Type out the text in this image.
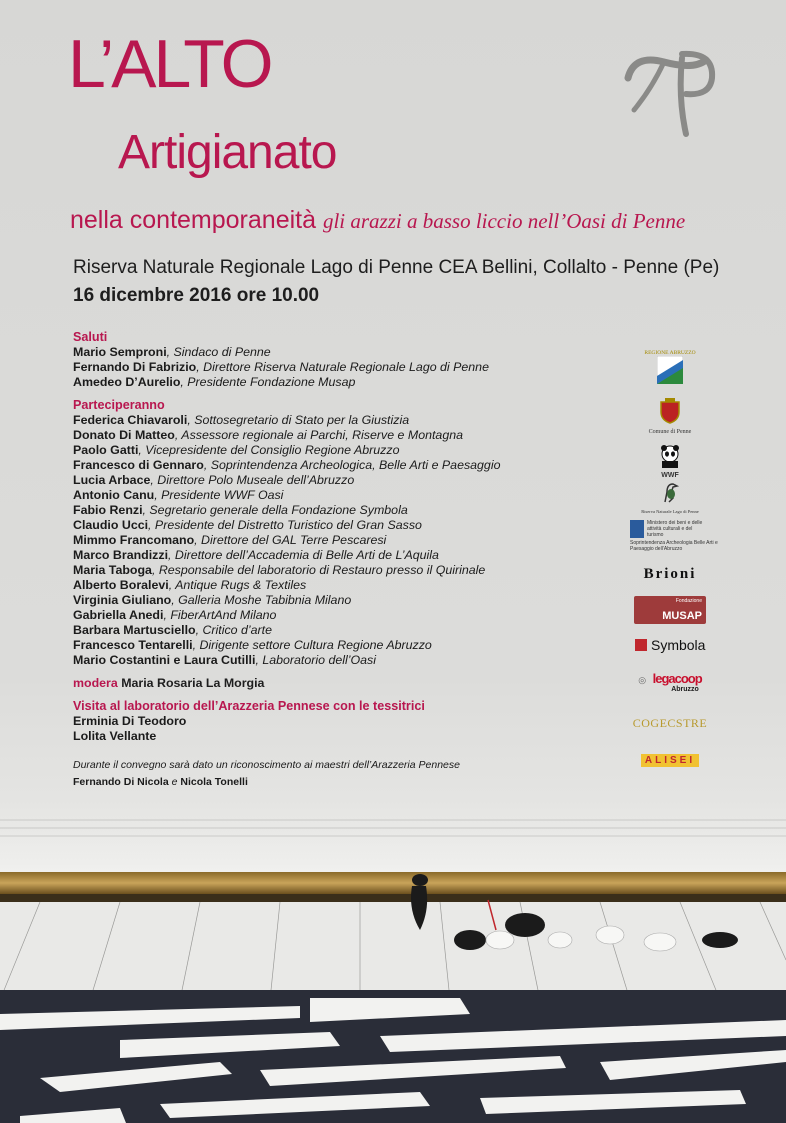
L’ALTO
Artigianato
nella contemporaneità gli arazzi a basso liccio nell’Oasi di Penne
Riserva Naturale Regionale Lago di Penne CEA Bellini, Collalto - Penne (Pe)
16 dicembre 2016 ore 10.00
Saluti
Mario Semproni, Sindaco di Penne
Fernando Di Fabrizio, Direttore Riserva Naturale Regionale Lago di Penne
Amedeo D’Aurelio, Presidente Fondazione Musap
Parteciperanno
Federica Chiavaroli, Sottosegretario di Stato per la Giustizia
Donato Di Matteo, Assessore regionale ai Parchi, Riserve e Montagna
Paolo Gatti, Vicepresidente del Consiglio Regione Abruzzo
Francesco di Gennaro, Soprintendenza Archeologica, Belle Arti e Paesaggio
Lucia Arbace, Direttore Polo Museale dell’Abruzzo
Antonio Canu, Presidente WWF Oasi
Fabio Renzi, Segretario generale della Fondazione Symbola
Claudio Ucci, Presidente del Distretto Turistico del Gran Sasso
Mimmo Francomano, Direttore del GAL Terre Pescaresi
Marco Brandizzi, Direttore dell’Accademia di Belle Arti de L’Aquila
Maria Taboga, Responsabile del laboratorio di Restauro presso il Quirinale
Alberto Boralevi, Antique Rugs & Textiles
Virginia Giuliano, Galleria Moshe Tabibnia Milano
Gabriella Anedi, FiberArtAnd Milano
Barbara Martusciello, Critico d’arte
Francesco Tentarelli, Dirigente settore Cultura Regione Abruzzo
Mario Costantini e Laura Cutilli, Laboratorio dell’Oasi
modera Maria Rosaria La Morgia
Visita al laboratorio dell’Arazzeria Pennese con le tessitrici
Erminia Di Teodoro
Lolita Vellante
Durante il convegno sarà dato un riconoscimento ai maestri dell’Arazzeria Pennese
Fernando Di Nicola e Nicola Tonelli
REGIONE ABRUZZO
Comune di Penne
WWF
Riserva Naturale Lago di Penne
Ministero dei beni e delle attività culturali e del turismo
Soprintendenza Archeologia Belle Arti e Paesaggio dell’Abruzzo
Brioni
Fondazione
MUSAP
Symbola
◎ legacoop
Abruzzo
COGECSTRE
ALISEI
